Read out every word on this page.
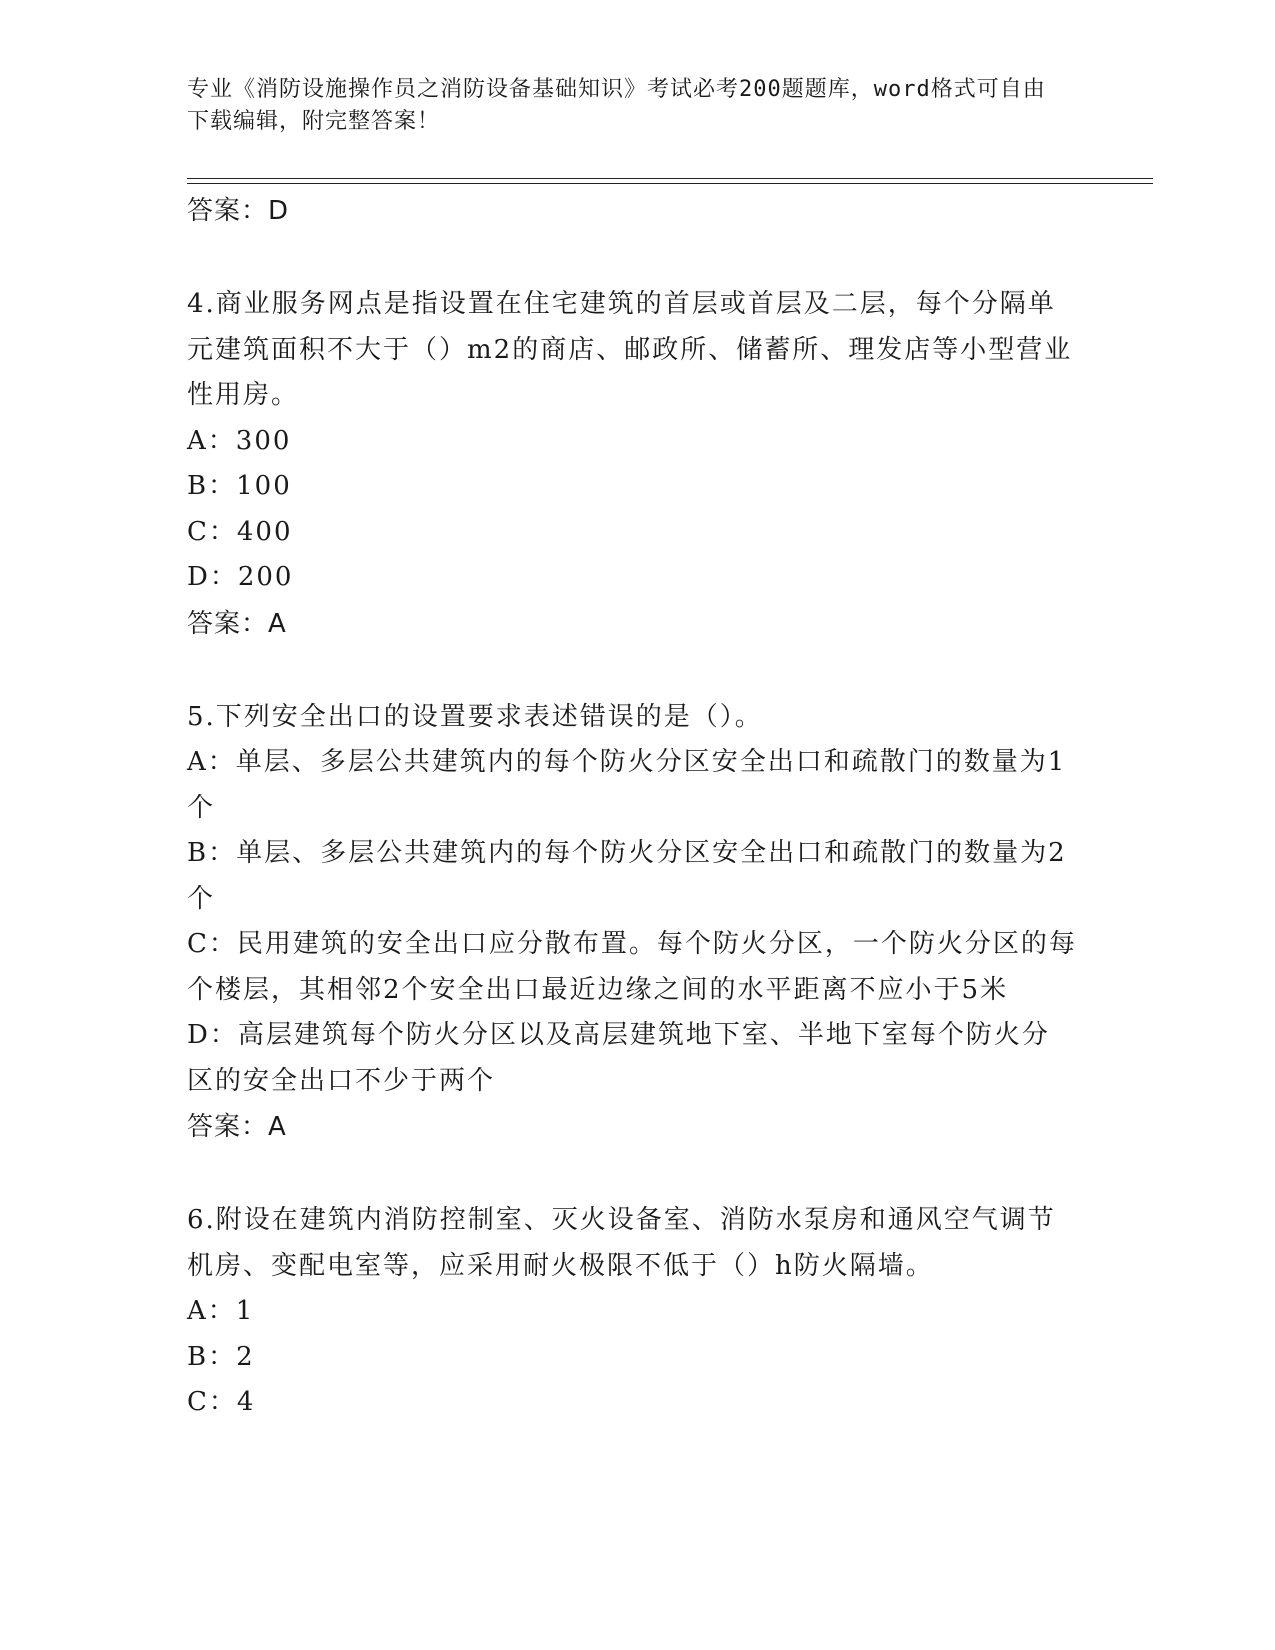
专业《消防设施操作员之消防设备基础知识》考试必考200题题库，word格式可自由下载编辑，附完整答案！

答案：D

4.商业服务网点是指设置在住宅建筑的首层或首层及二层，每个分隔单元建筑面积不大于（）m2的商店、邮政所、储蓄所、理发店等小型营业性用房。

A：300

B：100

C：400

D：200

答案：A

5.下列安全出口的设置要求表述错误的是（）。

A：单层、多层公共建筑内的每个防火分区安全出口和疏散门的数量为1个

B：单层、多层公共建筑内的每个防火分区安全出口和疏散门的数量为2个

C：民用建筑的安全出口应分散布置。每个防火分区，一个防火分区的每个楼层，其相邻2个安全出口最近边缘之间的水平距离不应小于5米

D：高层建筑每个防火分区以及高层建筑地下室、半地下室每个防火分区的安全出口不少于两个

答案：A

6.附设在建筑内消防控制室、灭火设备室、消防水泵房和通风空气调节机房、变配电室等，应采用耐火极限不低于（）h防火隔墙。

A：1

B：2

C：4
